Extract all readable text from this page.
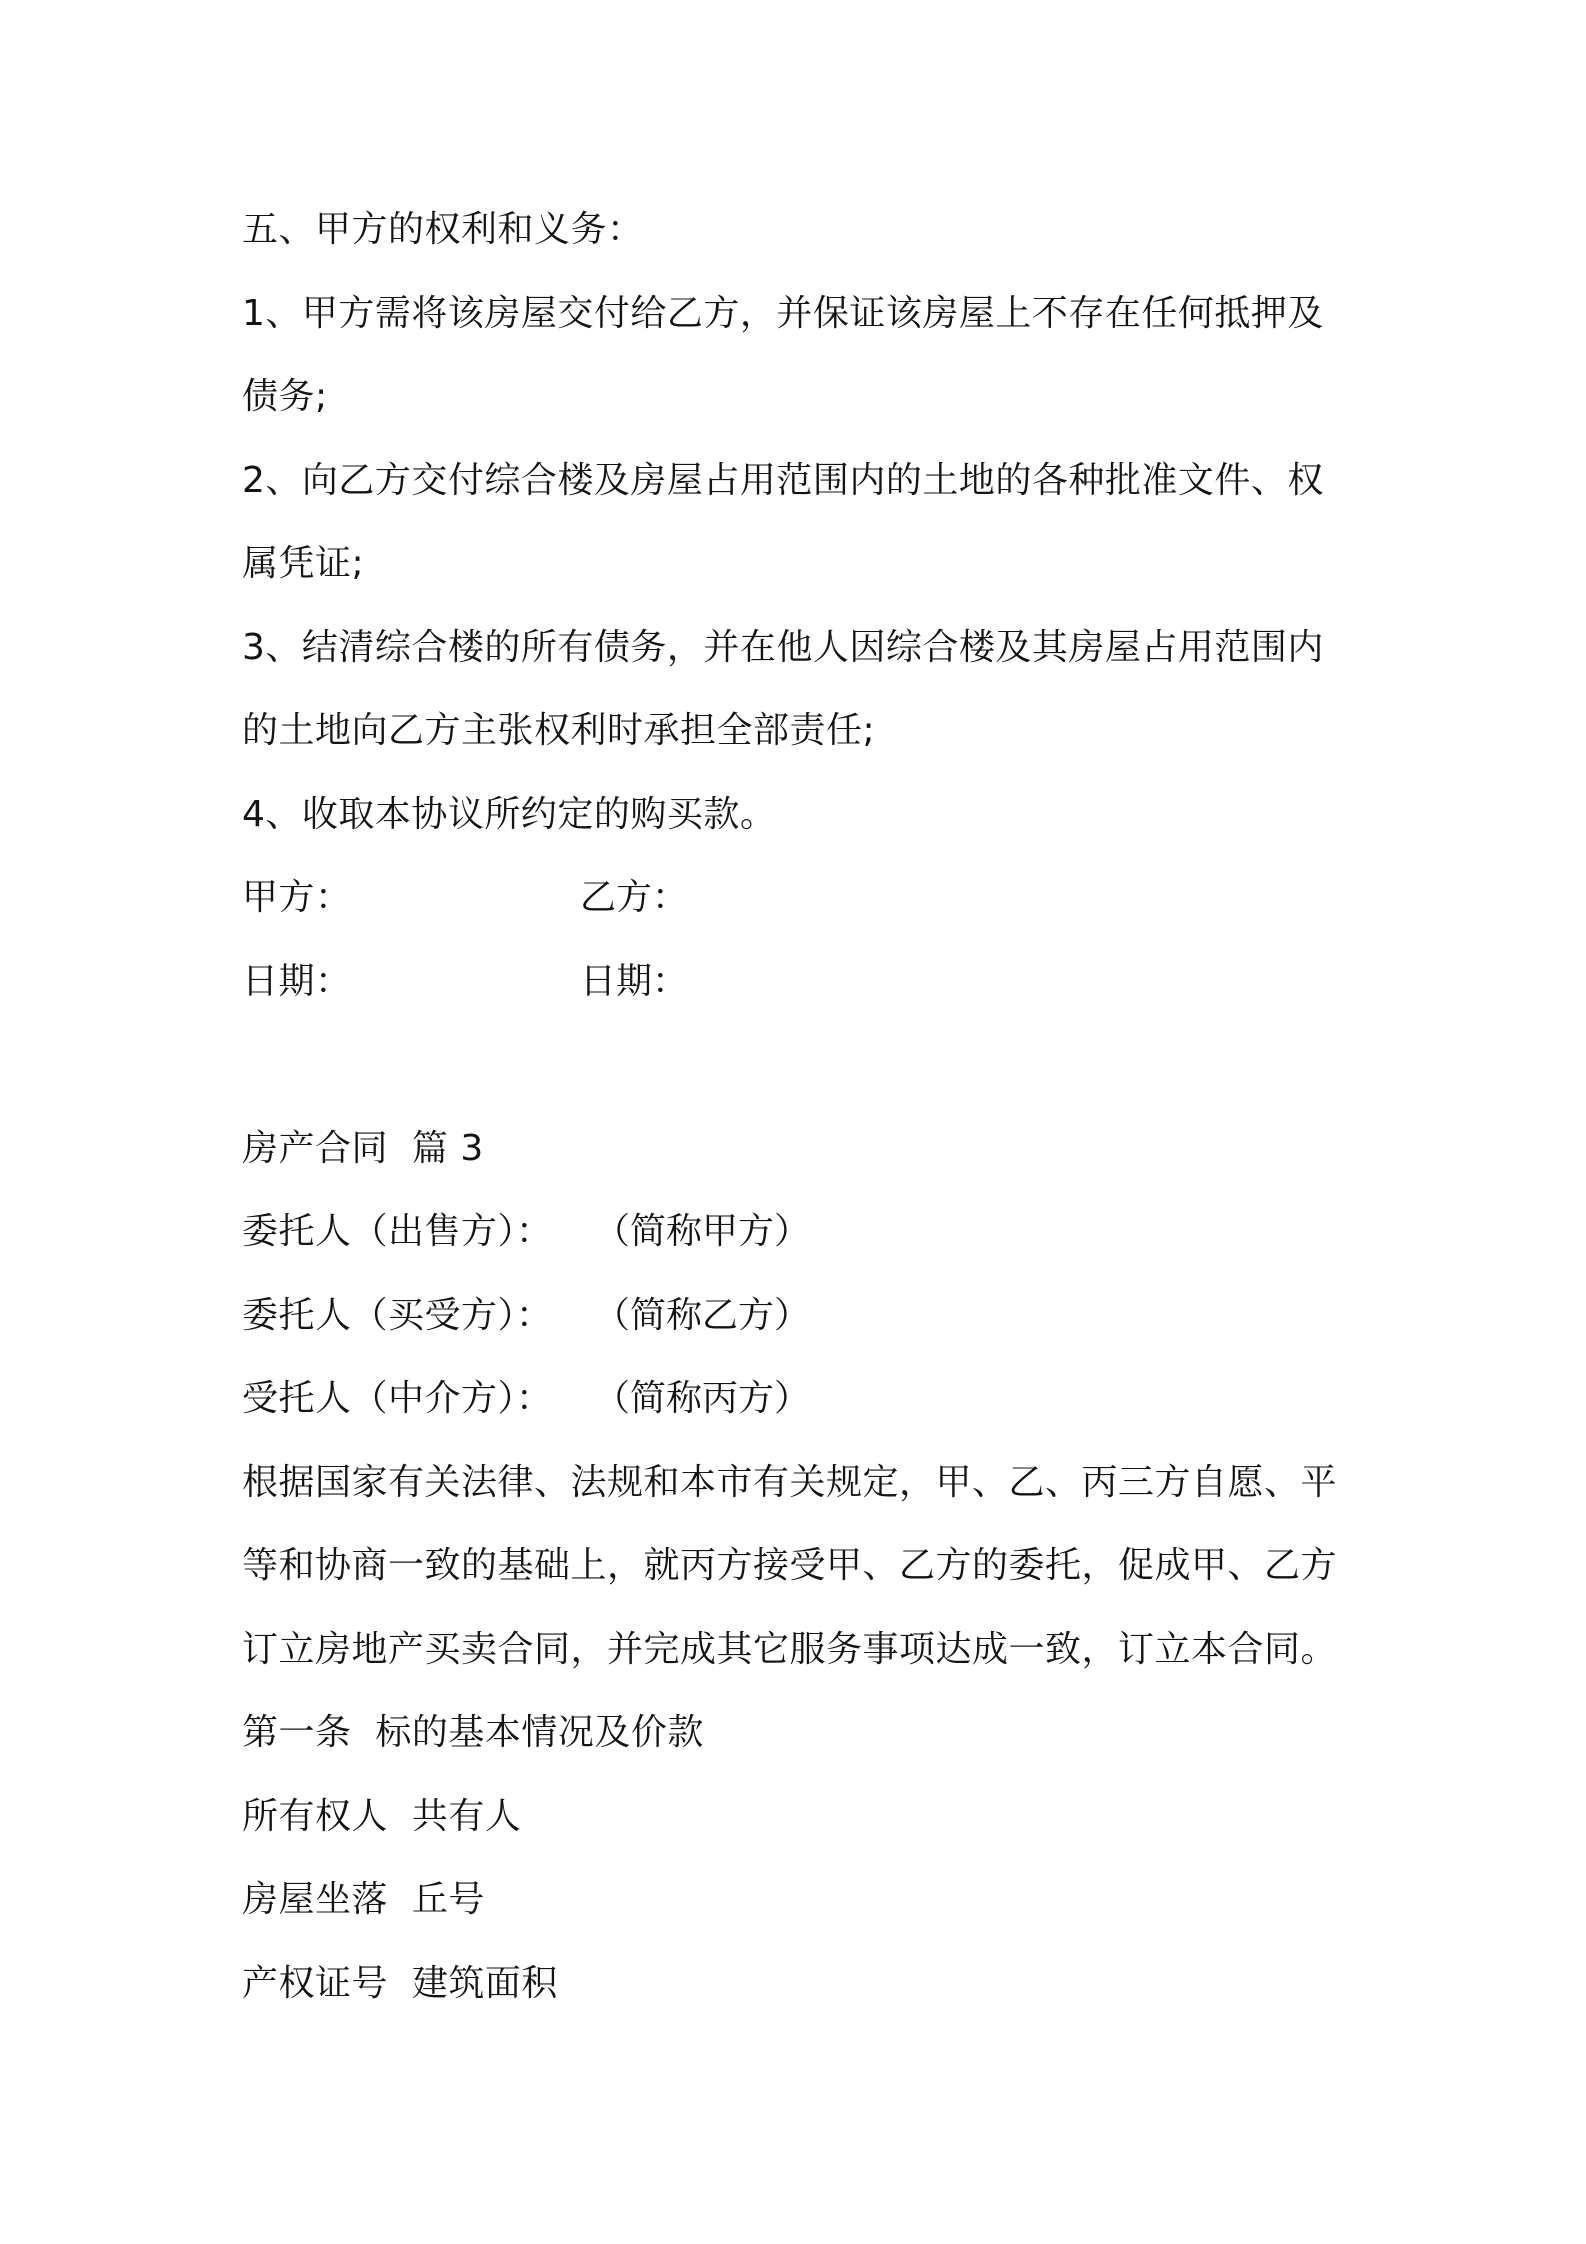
五、甲方的权利和义务：
1、甲方需将该房屋交付给乙方，并保证该房屋上不存在任何抵押及
债务;
2、向乙方交付综合楼及房屋占用范围内的土地的各种批准文件、权
属凭证;
3、结清综合楼的所有债务，并在他人因综合楼及其房屋占用范围内
的土地向乙方主张权利时承担全部责任;
4、收取本协议所约定的购买款。
甲方：	乙方：
日期：	日期：
房产合同  篇 3
委托人（出售方）： （简称甲方）
委托人（买受方）： （简称乙方）
受托人（中介方）： （简称丙方）
根据国家有关法律、法规和本市有关规定，甲、乙、丙三方自愿、平
等和协商一致的基础上，就丙方接受甲、乙方的委托，促成甲、乙方
订立房地产买卖合同，并完成其它服务事项达成一致，订立本合同。
第一条  标的基本情况及价款
所有权人  共有人
房屋坐落  丘号
产权证号  建筑面积
